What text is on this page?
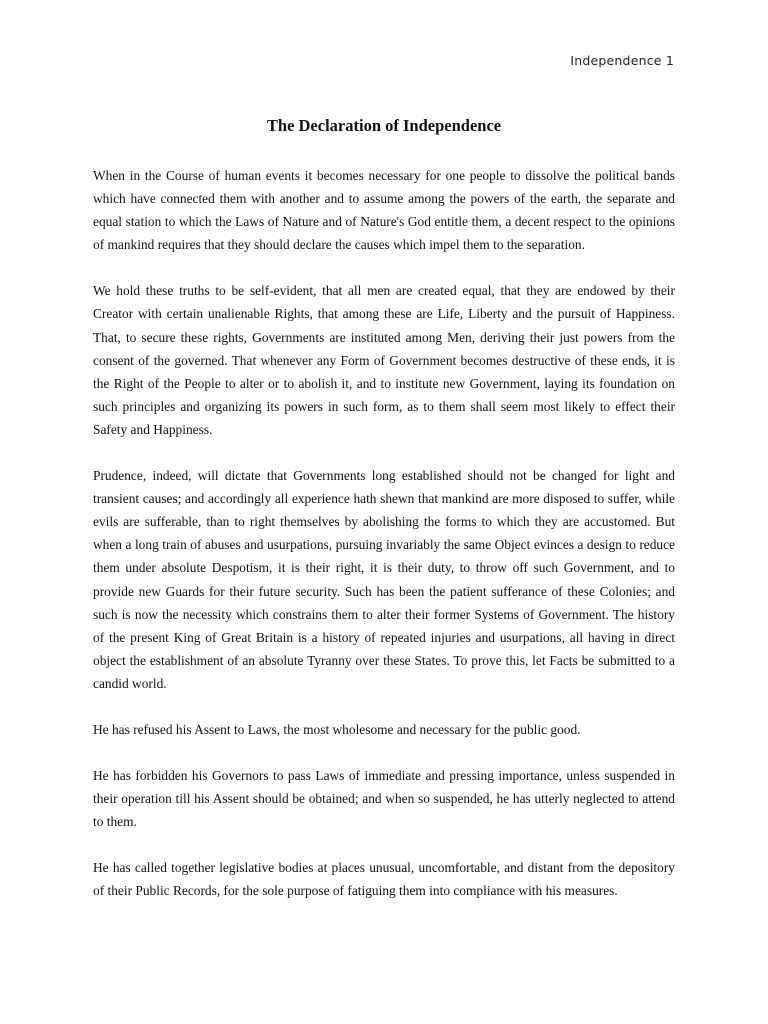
Independence 1
The Declaration of Independence

When in the Course of human events it becomes necessary for one people to dissolve the political bands which have connected them with another and to assume among the powers of the earth, the separate and equal station to which the Laws of Nature and of Nature's God entitle them, a decent respect to the opinions of mankind requires that they should declare the causes which impel them to the separation.

We hold these truths to be self-evident, that all men are created equal, that they are endowed by their Creator with certain unalienable Rights, that among these are Life, Liberty and the pursuit of Happiness. That, to secure these rights, Governments are instituted among Men, deriving their just powers from the consent of the governed. That whenever any Form of Government becomes destructive of these ends, it is the Right of the People to alter or to abolish it, and to institute new Government, laying its foundation on such principles and organizing its powers in such form, as to them shall seem most likely to effect their Safety and Happiness.

Prudence, indeed, will dictate that Governments long established should not be changed for light and transient causes; and accordingly all experience hath shewn that mankind are more disposed to suffer, while evils are sufferable, than to right themselves by abolishing the forms to which they are accustomed. But when a long train of abuses and usurpations, pursuing invariably the same Object evinces a design to reduce them under absolute Despotism, it is their right, it is their duty, to throw off such Government, and to provide new Guards for their future security. Such has been the patient sufferance of these Colonies; and such is now the necessity which constrains them to alter their former Systems of Government. The history of the present King of Great Britain is a history of repeated injuries and usurpations, all having in direct object the establishment of an absolute Tyranny over these States. To prove this, let Facts be submitted to a candid world.

He has refused his Assent to Laws, the most wholesome and necessary for the public good.

He has forbidden his Governors to pass Laws of immediate and pressing importance, unless suspended in their operation till his Assent should be obtained; and when so suspended, he has utterly neglected to attend to them.

He has called together legislative bodies at places unusual, uncomfortable, and distant from the depository of their Public Records, for the sole purpose of fatiguing them into compliance with his measures.
